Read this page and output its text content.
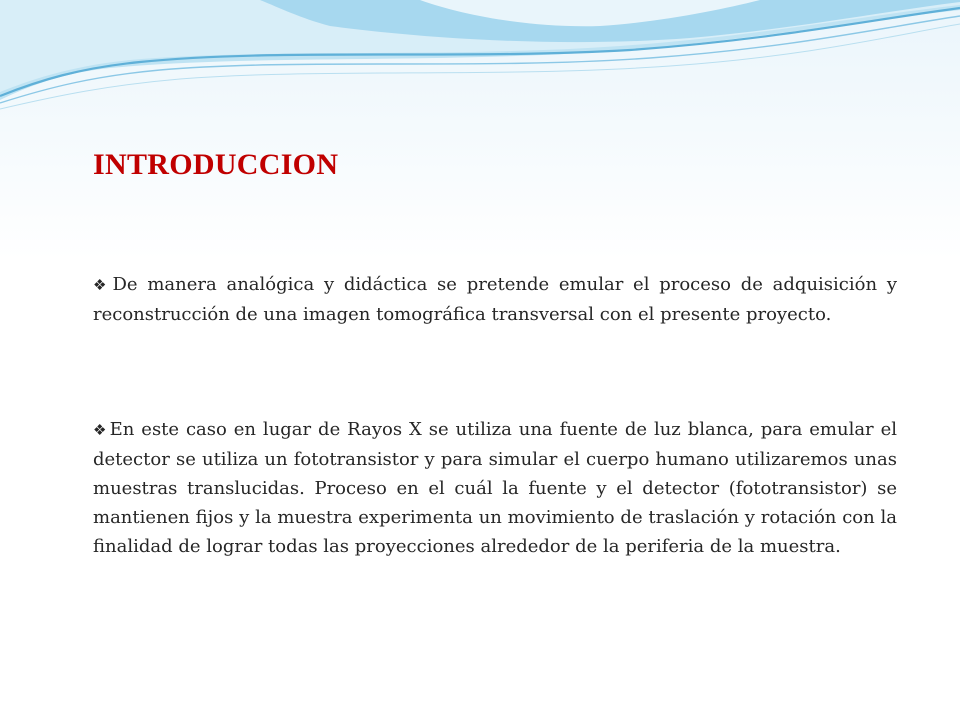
INTRODUCCION
❖ De manera analógica y didáctica se pretende emular el proceso de adquisición y reconstrucción de una imagen tomográfica transversal con el presente proyecto.
❖ En este caso en lugar de Rayos X se utiliza una fuente de luz blanca, para emular el detector se utiliza un fototransistor y para simular el cuerpo humano utilizaremos unas muestras translucidas. Proceso en el cuál la fuente y el detector (fototransistor) se mantienen fijos y la muestra experimenta un movimiento de traslación y rotación con la finalidad de lograr todas las proyecciones alrededor de la periferia de la muestra.
